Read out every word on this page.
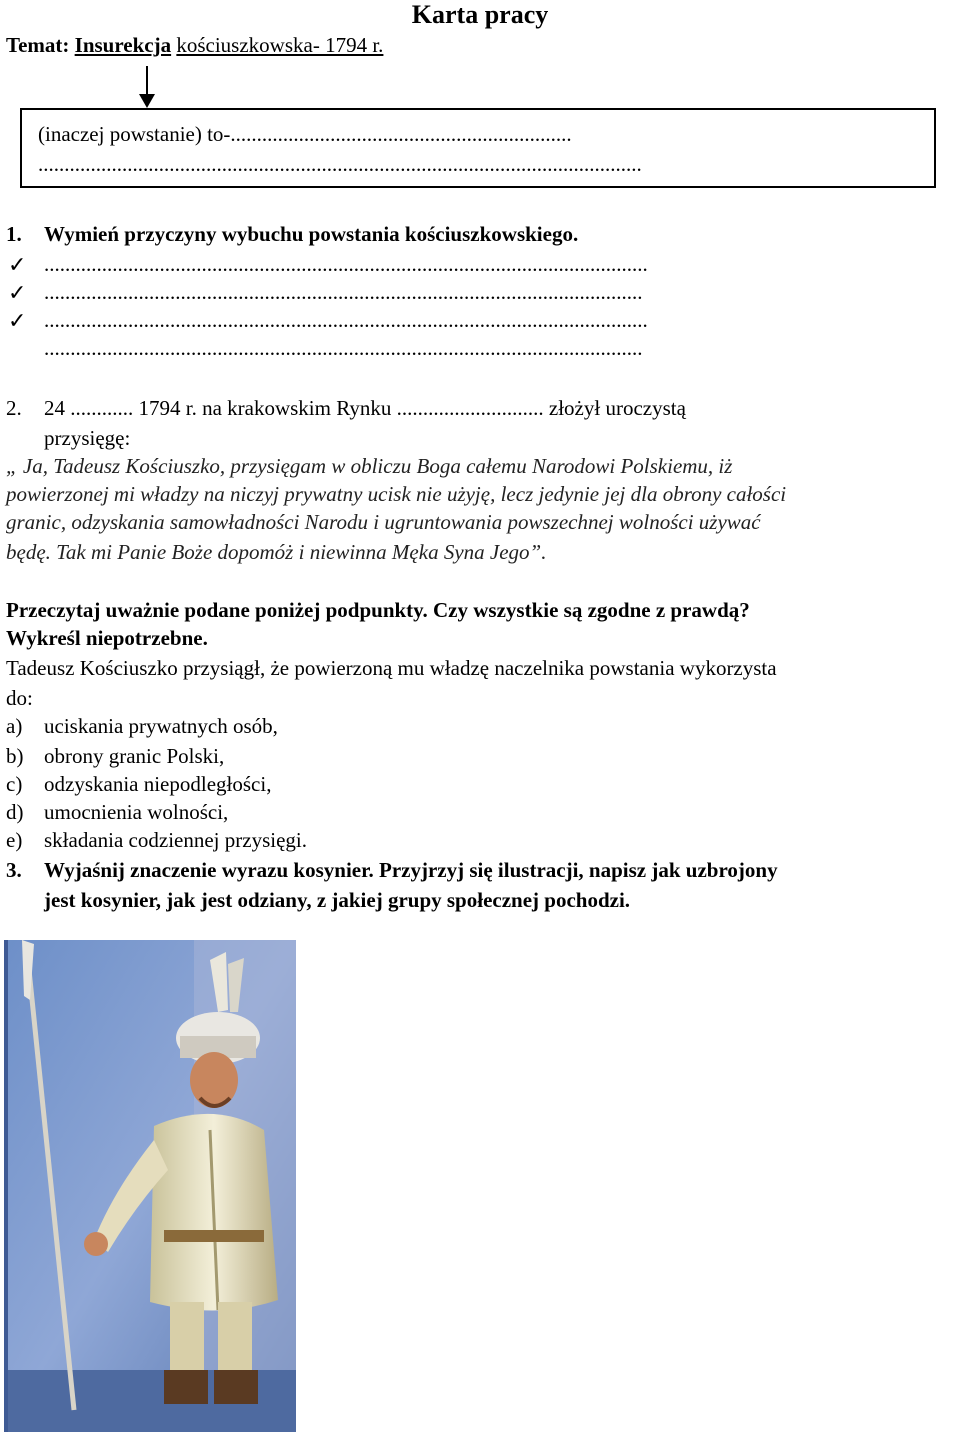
Karta pracy
Temat: Insurekcja kościuszkowska- 1794 r.
(inaczej powstanie) to-.................................................................
...................................................................................................................
1. Wymień przyczyny wybuchu powstania kościuszkowskiego.
✓ ...................................................................................................................
✓ ..................................................................................................................
✓ ...................................................................................................................
..................................................................................................................
2. 24 ............ 1794 r. na krakowskim Rynku ............................ złożył uroczystą
przysięgę:
„ Ja, Tadeusz Kościuszko, przysięgam w obliczu Boga całemu Narodowi Polskiemu, iż
powierzonej mi władzy na niczyj prywatny ucisk nie użyję, lecz jedynie jej dla obrony całości
granic, odzyskania samowładności Narodu i ugruntowania powszechnej wolności używać
będę. Tak mi Panie Boże dopomóż i niewinna Męka Syna Jego”.
Przeczytaj uważnie podane poniżej podpunkty. Czy wszystkie są zgodne z prawdą?
Wykreśl niepotrzebne.
Tadeusz Kościuszko przysiągł, że powierzoną mu władzę naczelnika powstania wykorzysta
do:
a) uciskania prywatnych osób,
b) obrony granic Polski,
c) odzyskania niepodległości,
d) umocnienia wolności,
e) składania codziennej przysięgi.
3. Wyjaśnij znaczenie wyrazu kosynier. Przyjrzyj się ilustracji, napisz jak uzbrojony
jest kosynier, jak jest odziany, z jakiej grupy społecznej pochodzi.
